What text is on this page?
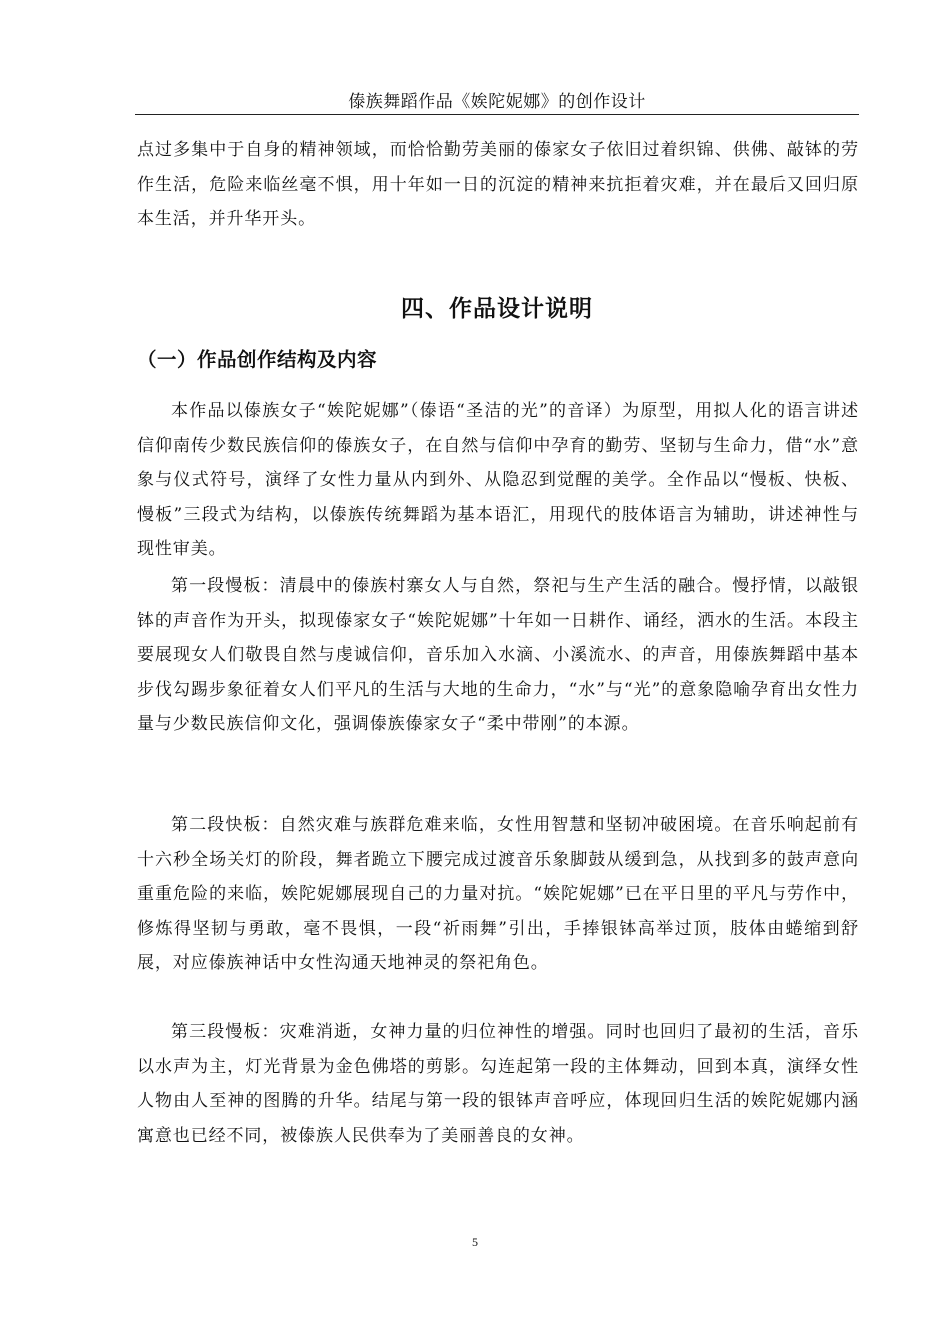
傣族舞蹈作品《娭陀妮娜》的创作设计

点过多集中于自身的精神领域，而恰恰勤劳美丽的傣家女子依旧过着织锦、供佛、敲钵的劳作生活，危险来临丝毫不惧，用十年如一日的沉淀的精神来抗拒着灾难，并在最后又回归原本生活，并升华开头。

四、作品设计说明
（一）作品创作结构及内容

本作品以傣族女子“娭陀妮娜”（傣语“圣洁的光”的音译）为原型，用拟人化的语言讲述信仰南传少数民族信仰的傣族女子，在自然与信仰中孕育的勤劳、坚韧与生命力，借“水”意象与仪式符号，演绎了女性力量从内到外、从隐忍到觉醒的美学。全作品以“慢板、快板、慢板”三段式为结构，以傣族传统舞蹈为基本语汇，用现代的肢体语言为辅助，讲述神性与现性审美。

第一段慢板：清晨中的傣族村寨女人与自然，祭祀与生产生活的融合。慢抒情，以敲银钵的声音作为开头，拟现傣家女子“娭陀妮娜”十年如一日耕作、诵经，洒水的生活。本段主要展现女人们敬畏自然与虔诚信仰，音乐加入水滴、小溪流水、的声音，用傣族舞蹈中基本步伐勾踢步象征着女人们平凡的生活与大地的生命力，“水”与“光”的意象隐喻孕育出女性力量与少数民族信仰文化，强调傣族傣家女子“柔中带刚”的本源。

第二段快板：自然灾难与族群危难来临，女性用智慧和坚韧冲破困境。在音乐响起前有十六秒全场关灯的阶段，舞者跪立下腰完成过渡音乐象脚鼓从缓到急，从找到多的鼓声意向重重危险的来临，娭陀妮娜展现自己的力量对抗。“娭陀妮娜”已在平日里的平凡与劳作中，修炼得坚韧与勇敢，毫不畏惧，一段“祈雨舞”引出，手捧银钵高举过顶，肢体由蜷缩到舒展，对应傣族神话中女性沟通天地神灵的祭祀角色。

第三段慢板：灾难消逝，女神力量的归位神性的增强。同时也回归了最初的生活，音乐以水声为主，灯光背景为金色佛塔的剪影。勾连起第一段的主体舞动，回到本真，演绎女性人物由人至神的图腾的升华。结尾与第一段的银钵声音呼应，体现回归生活的娭陀妮娜内涵寓意也已经不同，被傣族人民供奉为了美丽善良的女神。

5
